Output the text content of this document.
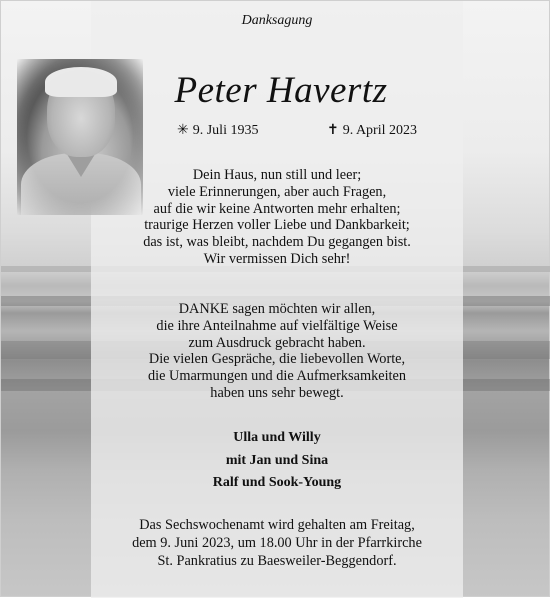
Danksagung
Peter Havertz
✳ 9. Juli 1935	✝ 9. April 2023
Dein Haus, nun still und leer;
viele Erinnerungen, aber auch Fragen,
auf die wir keine Antworten mehr erhalten;
traurige Herzen voller Liebe und Dankbarkeit;
das ist, was bleibt, nachdem Du gegangen bist.
Wir vermissen Dich sehr!
DANKE sagen möchten wir allen,
die ihre Anteilnahme auf vielfältige Weise
zum Ausdruck gebracht haben.
Die vielen Gespräche, die liebevollen Worte,
die Umarmungen und die Aufmerksamkeiten
haben uns sehr bewegt.
Ulla und Willy
mit Jan und Sina
Ralf und Sook-Young
Das Sechswochenamt wird gehalten am Freitag,
dem 9. Juni 2023, um 18.00 Uhr in der Pfarrkirche
St. Pankratius zu Baesweiler-Beggendorf.
